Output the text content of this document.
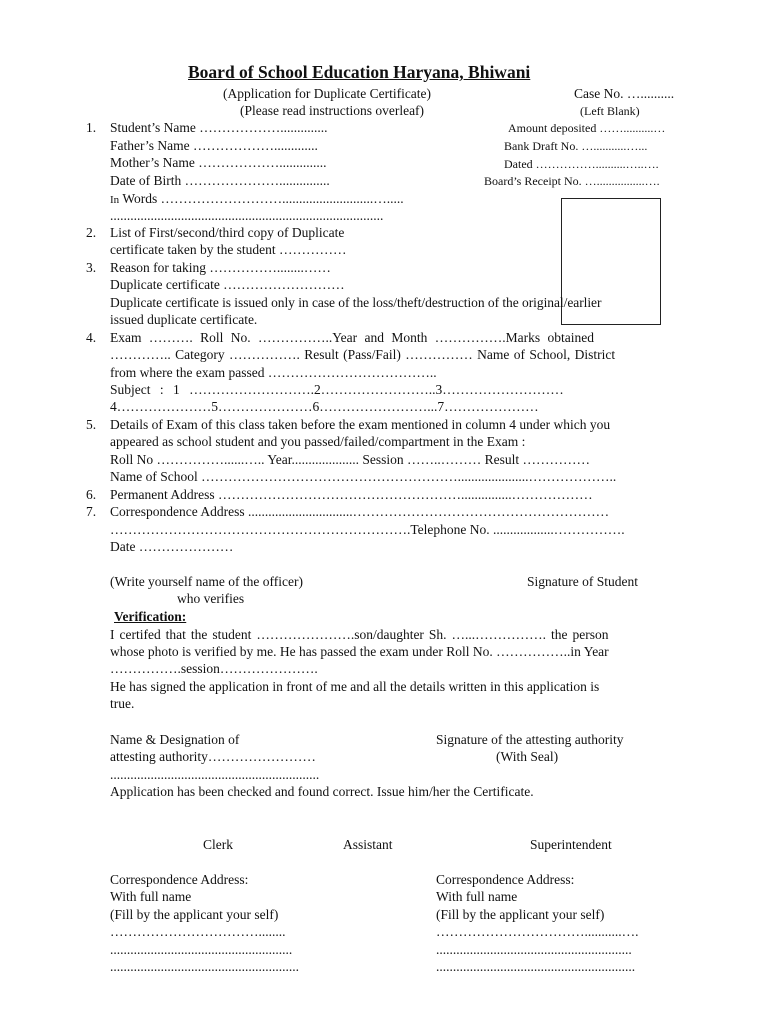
Board of School Education Haryana, Bhiwani
(Application for Duplicate Certificate)
(Please read instructions overleaf)
Case No. …..........
(Left Blank)
Amount deposited ……..........…
Bank Draft No. …...........…...
Dated ……………..........…..….
Board’s Receipt No. …................….
1. Student’s Name ………………..............
Father’s Name ……………….............
Mother’s Name ………………..............
Date of Birth …………………...............
In Words ………………………...........................….....
.................................................................................
2. List of First/second/third copy of Duplicate
certificate taken by the student ……………
3. Reason for taking ……………........……
Duplicate certificate ………………………
Duplicate certificate is issued only in case of the loss/theft/destruction of the original/earlier
issued duplicate certificate.
4. Exam ………. Roll No. ……………..Year and Month …………….Marks obtained
………….. Category ……………. Result (Pass/Fail) …………… Name of School, District
from where the exam passed ………………………………..
Subject : 1 ……………………….2……………………..3………………………
4…………………5…………………6……………………...7…………………
5. Details of Exam of this class taken before the exam mentioned in column 4 under which you
appeared as school student and you passed/failed/compartment in the Exam :
Roll No ……………......….. Year.................... Session ……..……… Result ……………
Name of School ………………………………………………….....................………………..
6. Permanent Address ………………………………………………...............………………
7. Correspondence Address ...............................…………………………………………………
………………………………………………………….Telephone No. ..................…………….
Date …………………
(Write yourself name of the officer)
who verifies
Signature of Student
Verification:
I certifed that the student ………………….son/daughter Sh. …...……………. the person
whose photo is verified by me. He has passed the exam under Roll No. ……………..in Year
…………….session………………….
He has signed the application in front of me and all the details written in this application is
true.
Name & Designation of
attesting authority……………………
..............................................................
Signature of the attesting authority
(With Seal)
Application has been checked and found correct. Issue him/her the Certificate.
Clerk	Assistant	Superintendent
Correspondence Address:
With full name
(Fill by the applicant your self)
……………………………........
......................................................
........................................................
Correspondence Address:
With full name
(Fill by the applicant your self)
……………………………...........….
..........................................................
...........................................................
